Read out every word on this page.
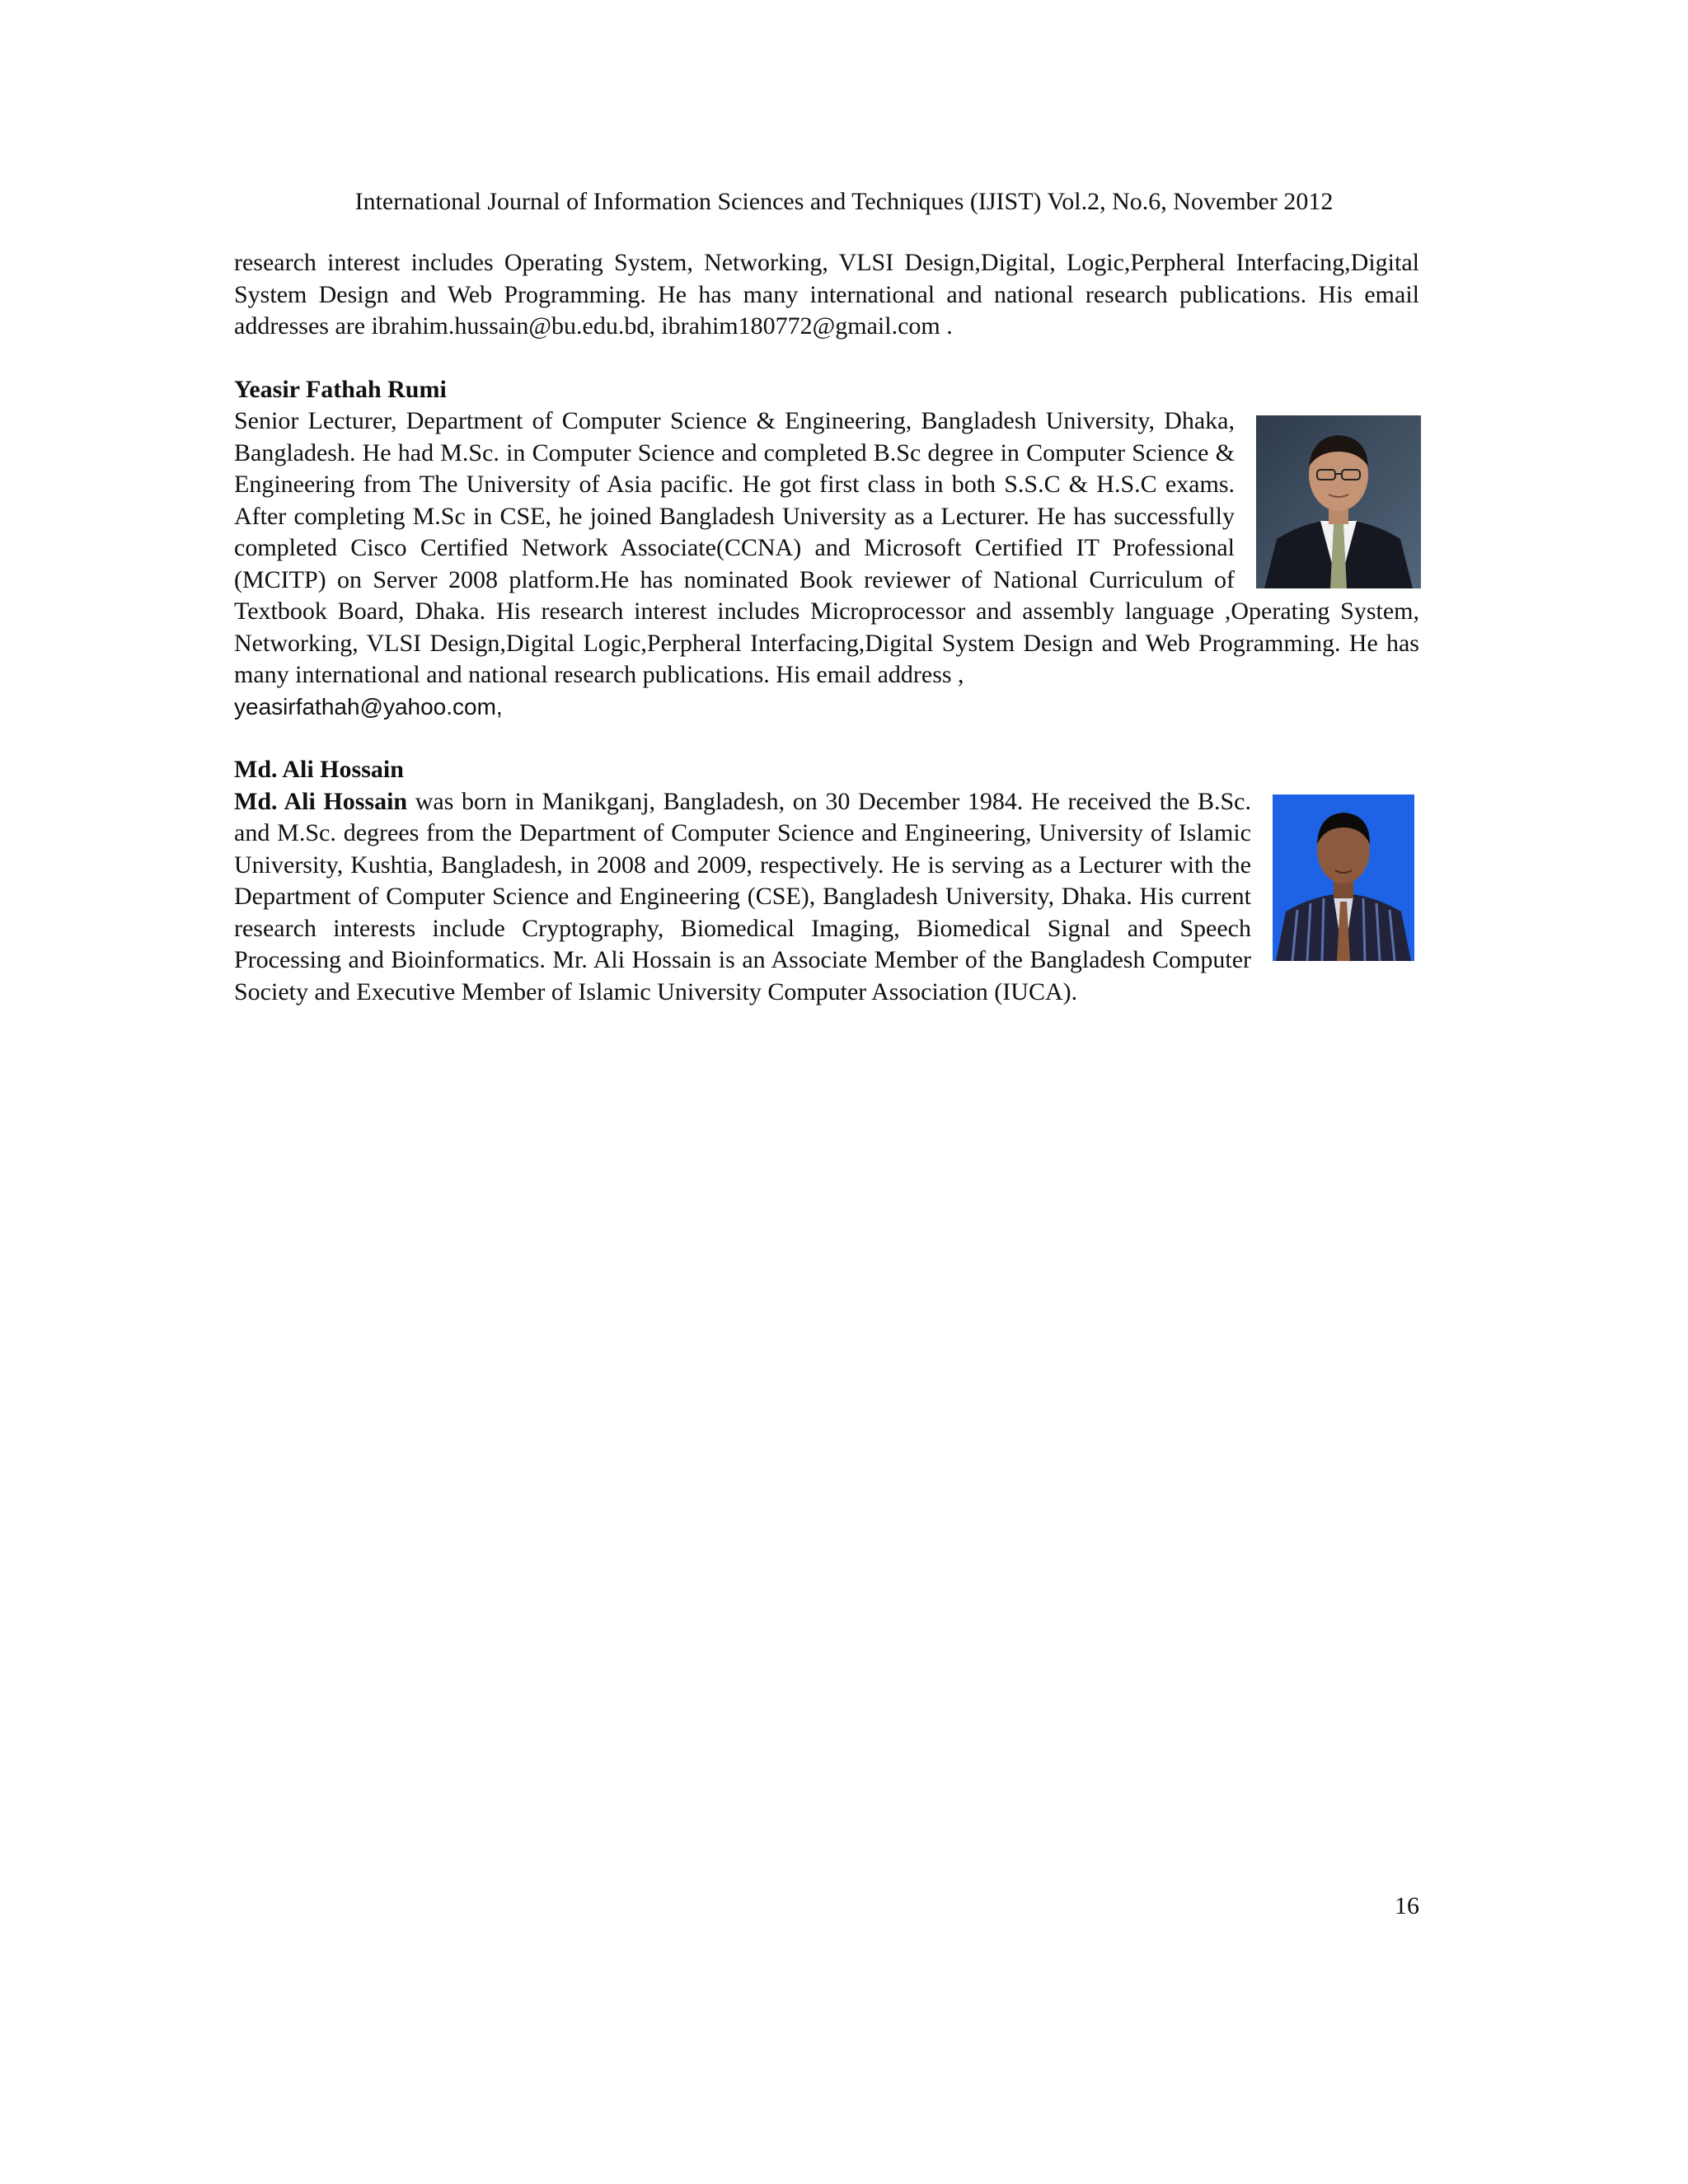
International Journal of Information Sciences and Techniques (IJIST) Vol.2, No.6, November 2012

research interest includes Operating System, Networking, VLSI Design,Digital, Logic,Perpheral Interfacing,Digital System Design and Web Programming. He has many international and national research publications. His email addresses are ibrahim.hussain@bu.edu.bd, ibrahim180772@gmail.com .

Yeasir Fathah Rumi

Senior Lecturer, Department of Computer Science & Engineering, Bangladesh University, Dhaka, Bangladesh. He had M.Sc. in Computer Science and completed B.Sc degree in Computer Science & Engineering from The University of Asia pacific. He got first class in both S.S.C & H.S.C exams. After completing M.Sc in CSE, he joined Bangladesh University as a Lecturer. He has successfully completed Cisco Certified Network Associate(CCNA) and Microsoft Certified IT Professional (MCITP) on Server 2008 platform.He has nominated Book reviewer of National Curriculum of Textbook Board, Dhaka. His research interest includes Microprocessor and assembly language ,Operating System, Networking, VLSI Design,Digital Logic,Perpheral Interfacing,Digital System Design and Web Programming. He has many international and national research publications. His email address ,
yeasirfathah@yahoo.com,

Md. Ali Hossain

Md. Ali Hossain was born in Manikganj, Bangladesh, on 30 December 1984. He received the B.Sc. and M.Sc. degrees from the Department of Computer Science and Engineering, University of Islamic University, Kushtia, Bangladesh, in 2008 and 2009, respectively. He is serving as a Lecturer with the Department of Computer Science and Engineering (CSE), Bangladesh University, Dhaka. His current research interests include Cryptography, Biomedical Imaging, Biomedical Signal and Speech Processing and Bioinformatics. Mr. Ali Hossain is an Associate Member of the Bangladesh Computer Society and Executive Member of Islamic University Computer Association (IUCA).

16
